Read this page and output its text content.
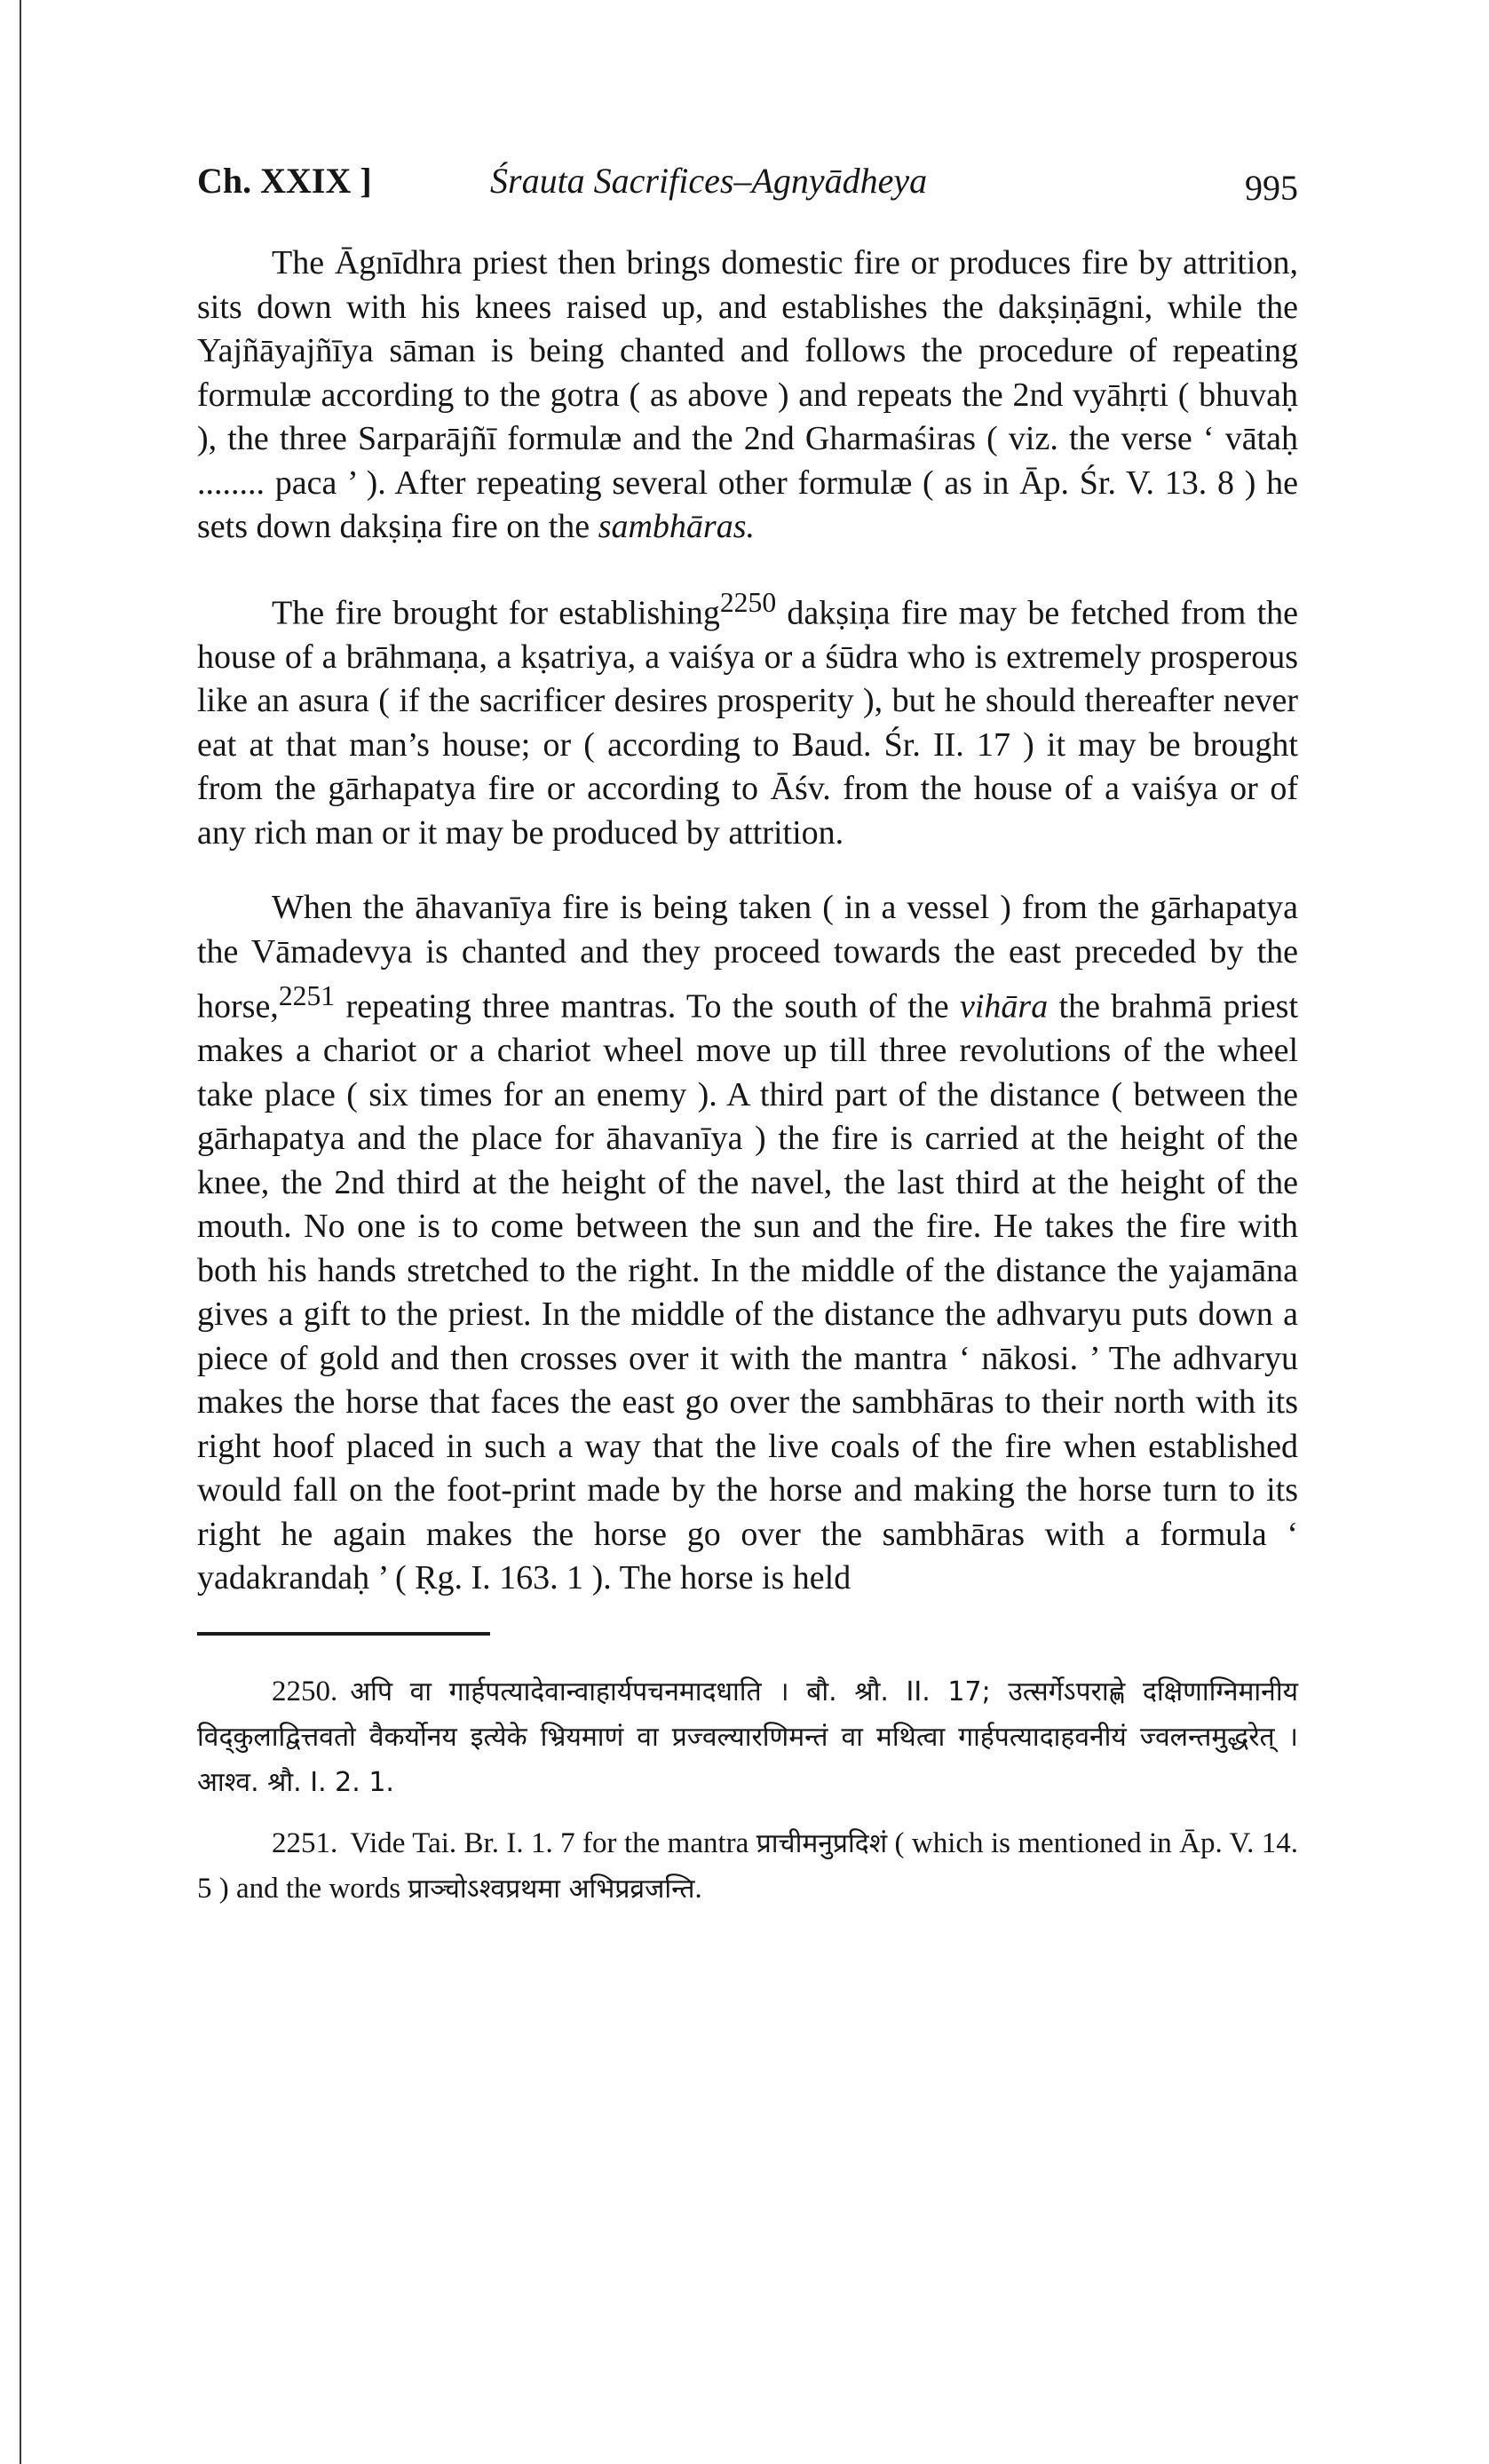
Ch. XXIX ]	Śrauta Sacrifices–Agnyādheya	995

The Āgnīdhra priest then brings domestic fire or produces fire by attrition, sits down with his knees raised up, and establishes the dakṣiṇāgni, while the Yajñāyajñīya sāman is being chanted and follows the procedure of repeating formulæ according to the gotra ( as above ) and repeats the 2nd vyāhṛti ( bhuvaḥ ), the three Sarparājñī formulæ and the 2nd Gharmaśiras ( viz. the verse ‘ vātaḥ ........ paca ’ ). After repeating several other formulæ ( as in Āp. Śr. V. 13. 8 ) he sets down dakṣiṇa fire on the sambhāras.

The fire brought for establishing$^{2250}$ dakṣiṇa fire may be fetched from the house of a brāhmaṇa, a kṣatriya, a vaiśya or a śūdra who is extremely prosperous like an asura ( if the sacrificer desires prosperity ), but he should thereafter never eat at that man’s house; or ( according to Baud. Śr. II. 17 ) it may be brought from the gārhapatya fire or according to Āśv. from the house of a vaiśya or of any rich man or it may be produced by attrition.

When the āhavanīya fire is being taken ( in a vessel ) from the gārhapatya the Vāmadevya is chanted and they proceed towards the east preceded by the horse,$^{2251}$ repeating three mantras. To the south of the vihāra the brahmā priest makes a chariot or a chariot wheel move up till three revolutions of the wheel take place ( six times for an enemy ). A third part of the distance ( between the gārhapatya and the place for āhavanīya ) the fire is carried at the height of the knee, the 2nd third at the height of the navel, the last third at the height of the mouth. No one is to come between the sun and the fire. He takes the fire with both his hands stretched to the right. In the middle of the distance the yajamāna gives a gift to the priest. In the middle of the distance the adhvaryu puts down a piece of gold and then crosses over it with the mantra ‘ nākosi. ’ The adhvaryu makes the horse that faces the east go over the sambhāras to their north with its right hoof placed in such a way that the live coals of the fire when established would fall on the foot-print made by the horse and making the horse turn to its right he again makes the horse go over the sambhāras with a formula ‘ yadakrandaḥ ’ ( Ṛg. I. 163. 1 ). The horse is held

2250. अपि वा गार्हपत्यादेवान्वाहार्यपचनमादधाति । बौ. श्रौ. II. 17; उत्सर्गेऽपराह्णे दक्षिणाग्निमानीय विद्कुलाद्वित्तवतो वैकर्योनय इत्येके भ्रियमाणं वा प्रज्वल्यारणिमन्तं वा मथित्वा गार्हपत्यादाहवनीयं ज्वलन्तमुद्धरेत् । आश्व. श्रौ. I. 2. 1.

2251. Vide Tai. Br. I. 1. 7 for the mantra प्राचीमनुप्रदिशं ( which is mentioned in Āp. V. 14. 5 ) and the words प्राञ्चोऽश्वप्रथमा अभिप्रव्रजन्ति.
